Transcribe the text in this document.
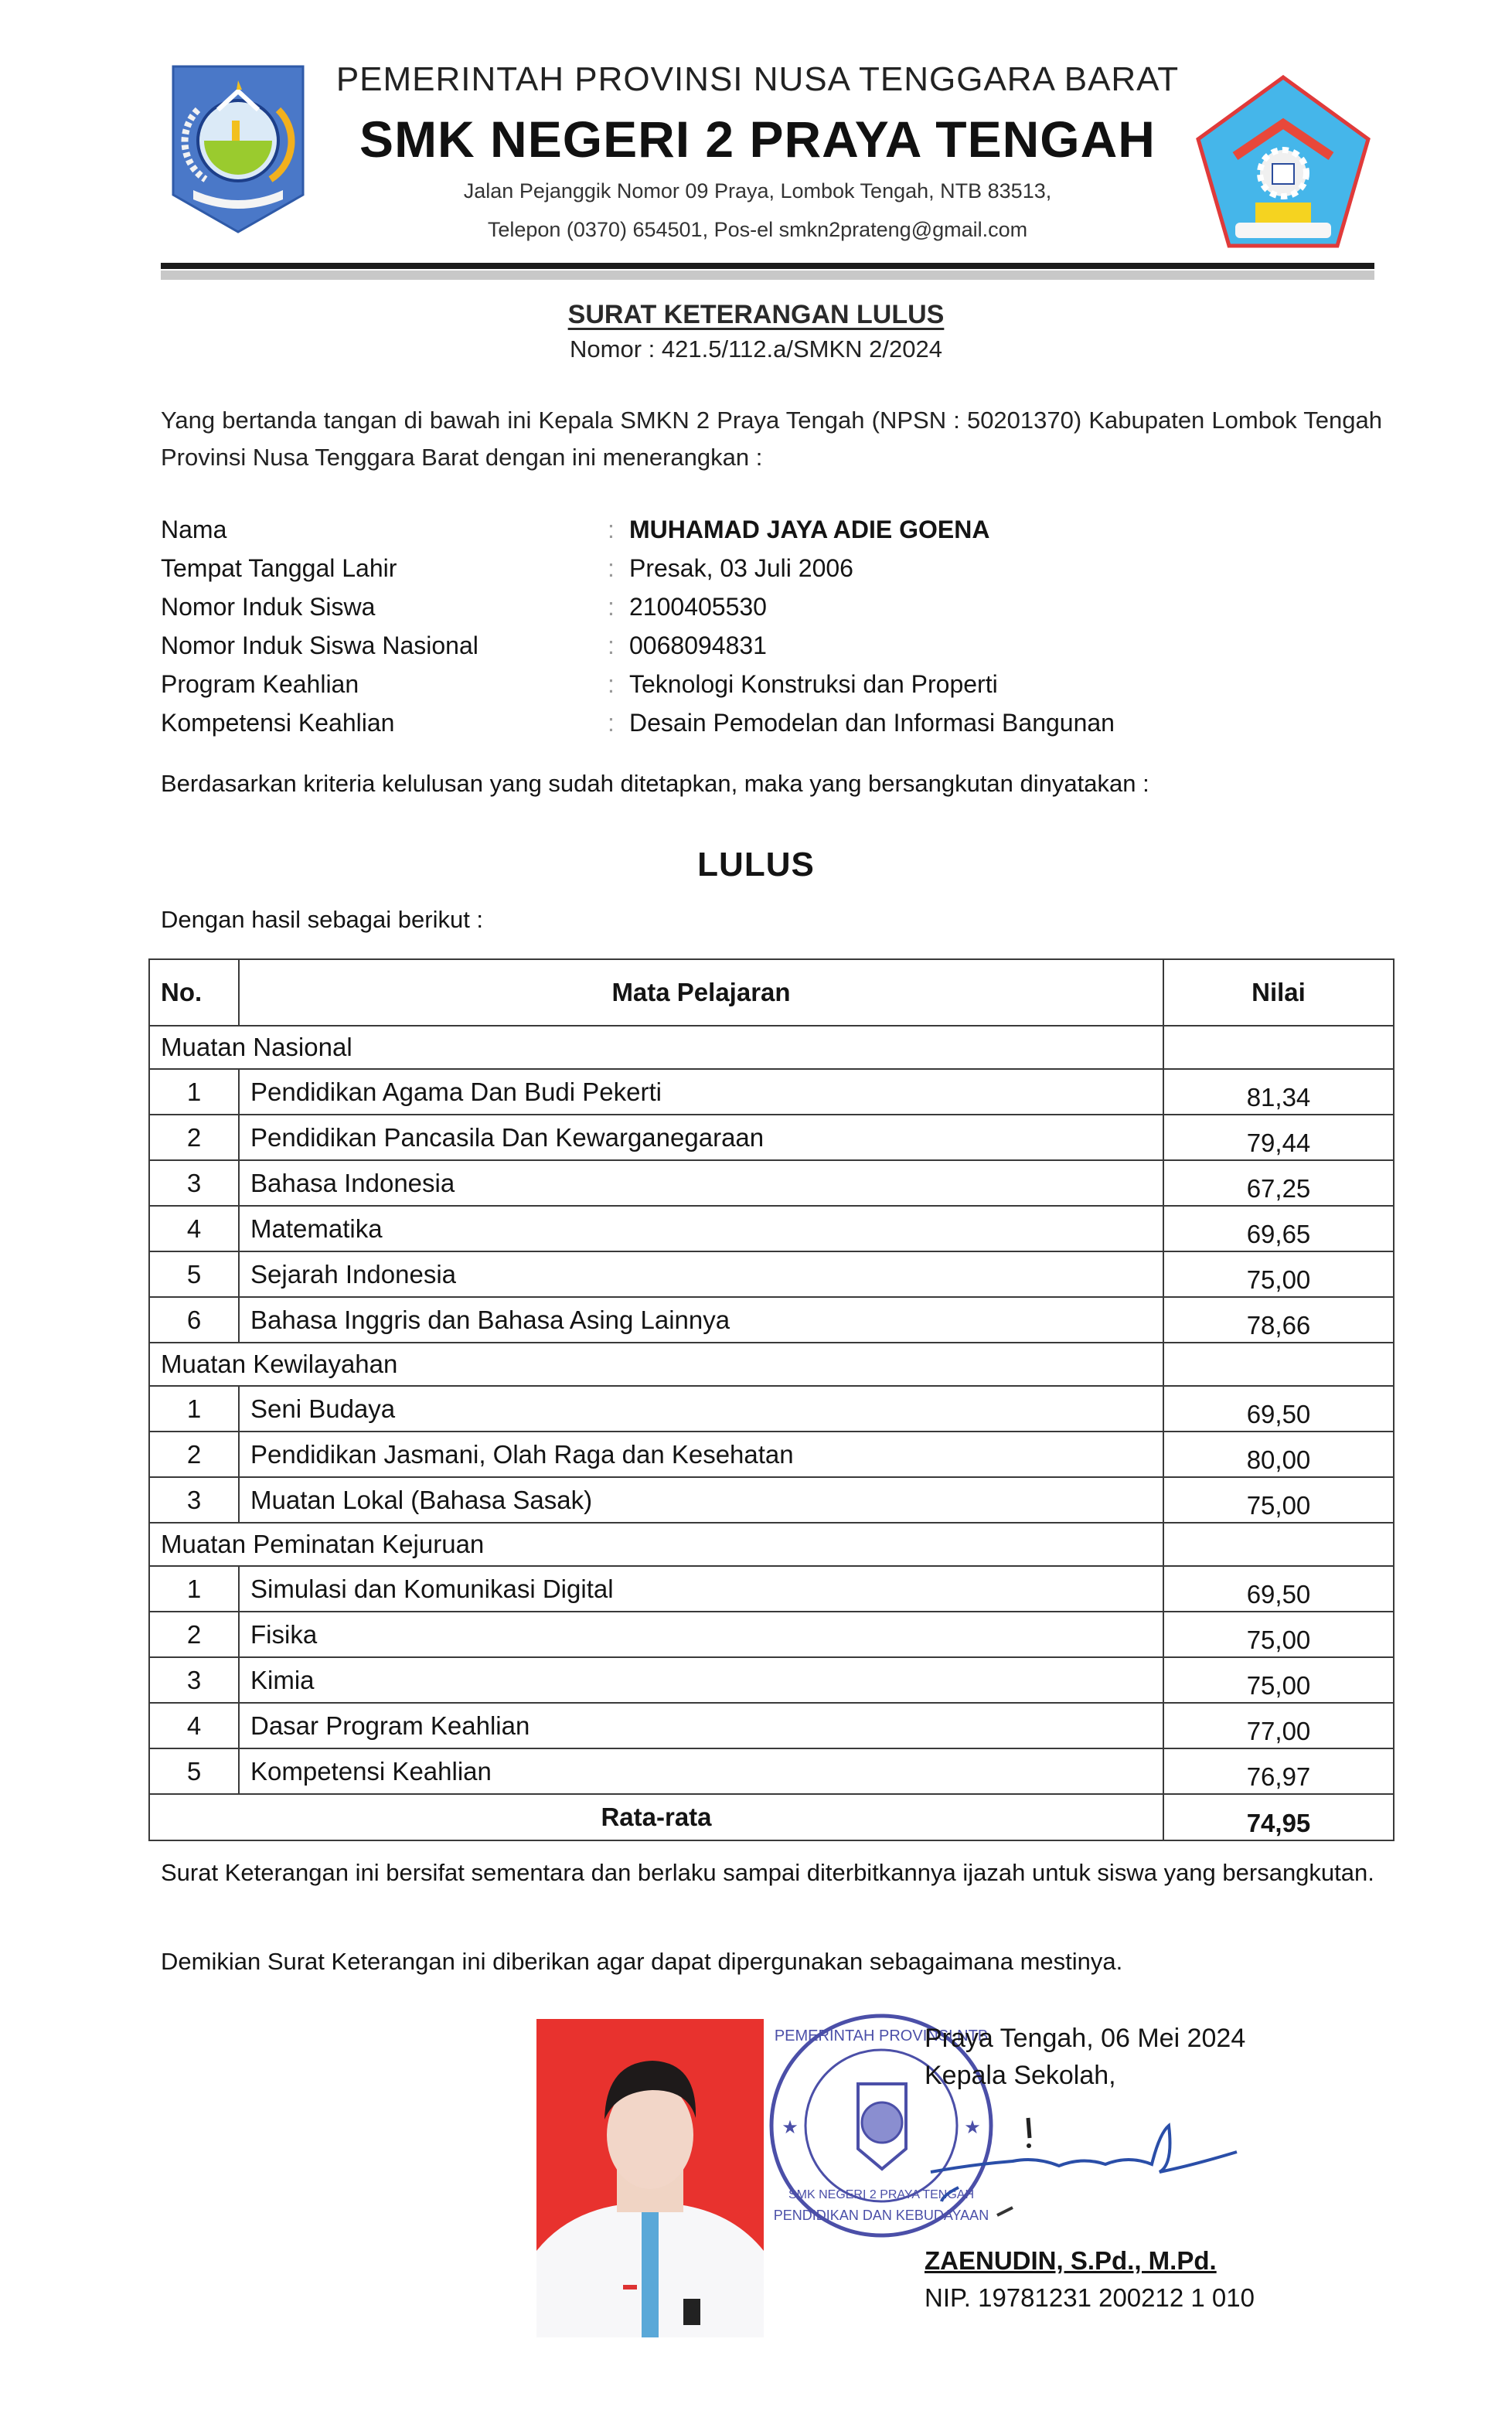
PEMERINTAH PROVINSI NUSA TENGGARA BARAT
SMK NEGERI 2 PRAYA TENGAH
Jalan Pejanggik Nomor 09 Praya, Lombok Tengah, NTB 83513,
Telepon (0370) 654501, Pos-el smkn2prateng@gmail.com
SURAT KETERANGAN LULUS
Nomor : 421.5/112.a/SMKN 2/2024
Yang bertanda tangan di bawah ini Kepala SMKN 2 Praya Tengah (NPSN : 50201370) Kabupaten Lombok Tengah Provinsi Nusa Tenggara Barat dengan ini menerangkan :
Nama	: MUHAMAD JAYA ADIE GOENA
Tempat Tanggal Lahir	: Presak, 03 Juli 2006
Nomor Induk Siswa	: 2100405530
Nomor Induk Siswa Nasional	: 0068094831
Program Keahlian	: Teknologi Konstruksi dan Properti
Kompetensi Keahlian	: Desain Pemodelan dan Informasi Bangunan
Berdasarkan kriteria kelulusan yang sudah ditetapkan, maka yang bersangkutan dinyatakan :
LULUS
Dengan hasil sebagai berikut :
No.	Mata Pelajaran	Nilai
Muatan Nasional		
1	Pendidikan Agama Dan Budi Pekerti	81,34
2	Pendidikan Pancasila Dan Kewarganegaraan	79,44
3	Bahasa Indonesia	67,25
4	Matematika	69,65
5	Sejarah Indonesia	75,00
6	Bahasa Inggris dan Bahasa Asing Lainnya	78,66
Muatan Kewilayahan		
1	Seni Budaya	69,50
2	Pendidikan Jasmani, Olah Raga dan Kesehatan	80,00
3	Muatan Lokal (Bahasa Sasak)	75,00
Muatan Peminatan Kejuruan		
1	Simulasi dan Komunikasi Digital	69,50
2	Fisika	75,00
3	Kimia	75,00
4	Dasar Program Keahlian	77,00
5	Kompetensi Keahlian	76,97
Rata-rata		74,95
Surat Keterangan ini bersifat sementara dan berlaku sampai diterbitkannya ijazah untuk siswa yang bersangkutan.
Demikian Surat Keterangan ini diberikan agar dapat dipergunakan sebagaimana mestinya.
PEMERINTAH PROVINSI NTB
PENDIDIKAN DAN KEBUDAYAAN
SMK NEGERI 2 PRAYA TENGAH
★
★
Praya Tengah, 06 Mei 2024
Kepala Sekolah,
ZAENUDIN, S.Pd., M.Pd.
NIP. 19781231 200212 1 010
